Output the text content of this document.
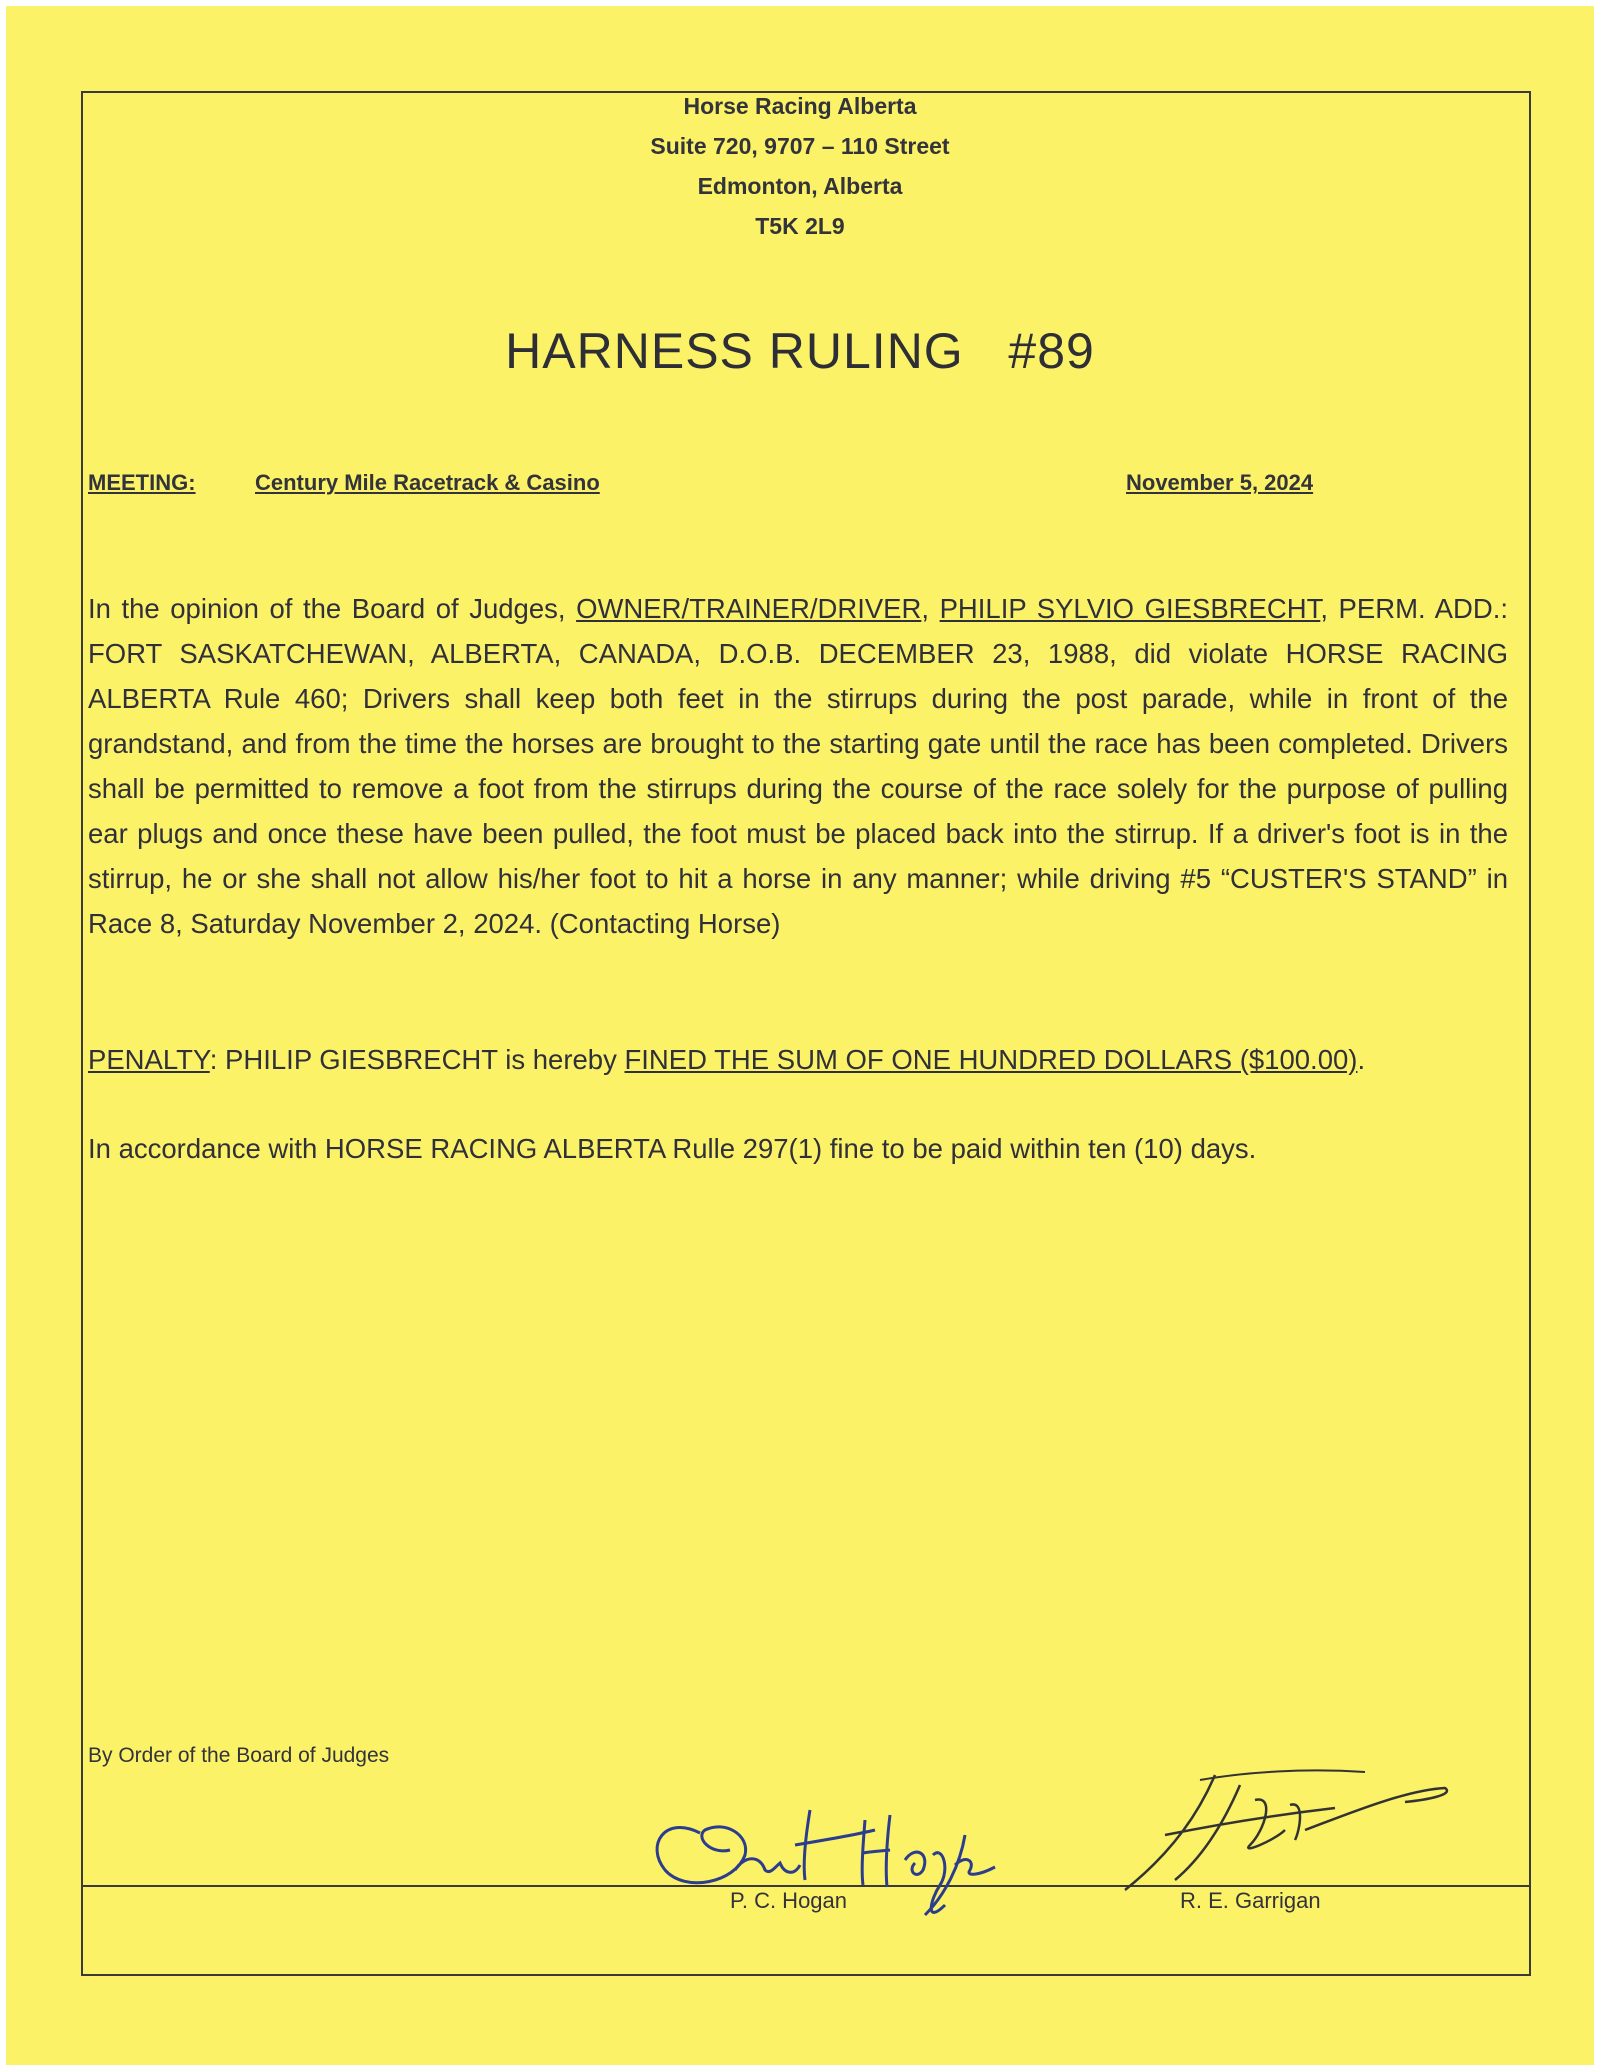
Horse Racing Alberta
Suite 720, 9707 – 110 Street
Edmonton, Alberta
T5K 2L9
HARNESS RULING #89
MEETING:	Century Mile Racetrack & Casino	November 5, 2024
In the opinion of the Board of Judges, OWNER/TRAINER/DRIVER, PHILIP SYLVIO GIESBRECHT, PERM. ADD.: FORT SASKATCHEWAN, ALBERTA, CANADA, D.O.B. DECEMBER 23, 1988, did violate HORSE RACING ALBERTA Rule 460; Drivers shall keep both feet in the stirrups during the post parade, while in front of the grandstand, and from the time the horses are brought to the starting gate until the race has been completed. Drivers shall be permitted to remove a foot from the stirrups during the course of the race solely for the purpose of pulling ear plugs and once these have been pulled, the foot must be placed back into the stirrup. If a driver's foot is in the stirrup, he or she shall not allow his/her foot to hit a horse in any manner; while driving #5 “CUSTER'S STAND” in Race 8, Saturday November 2, 2024. (Contacting Horse)
PENALTY: PHILIP GIESBRECHT is hereby FINED THE SUM OF ONE HUNDRED DOLLARS ($100.00).
In accordance with HORSE RACING ALBERTA Rulle 297(1) fine to be paid within ten (10) days.
By Order of the Board of Judges
P. C. Hogan	R. E. Garrigan
